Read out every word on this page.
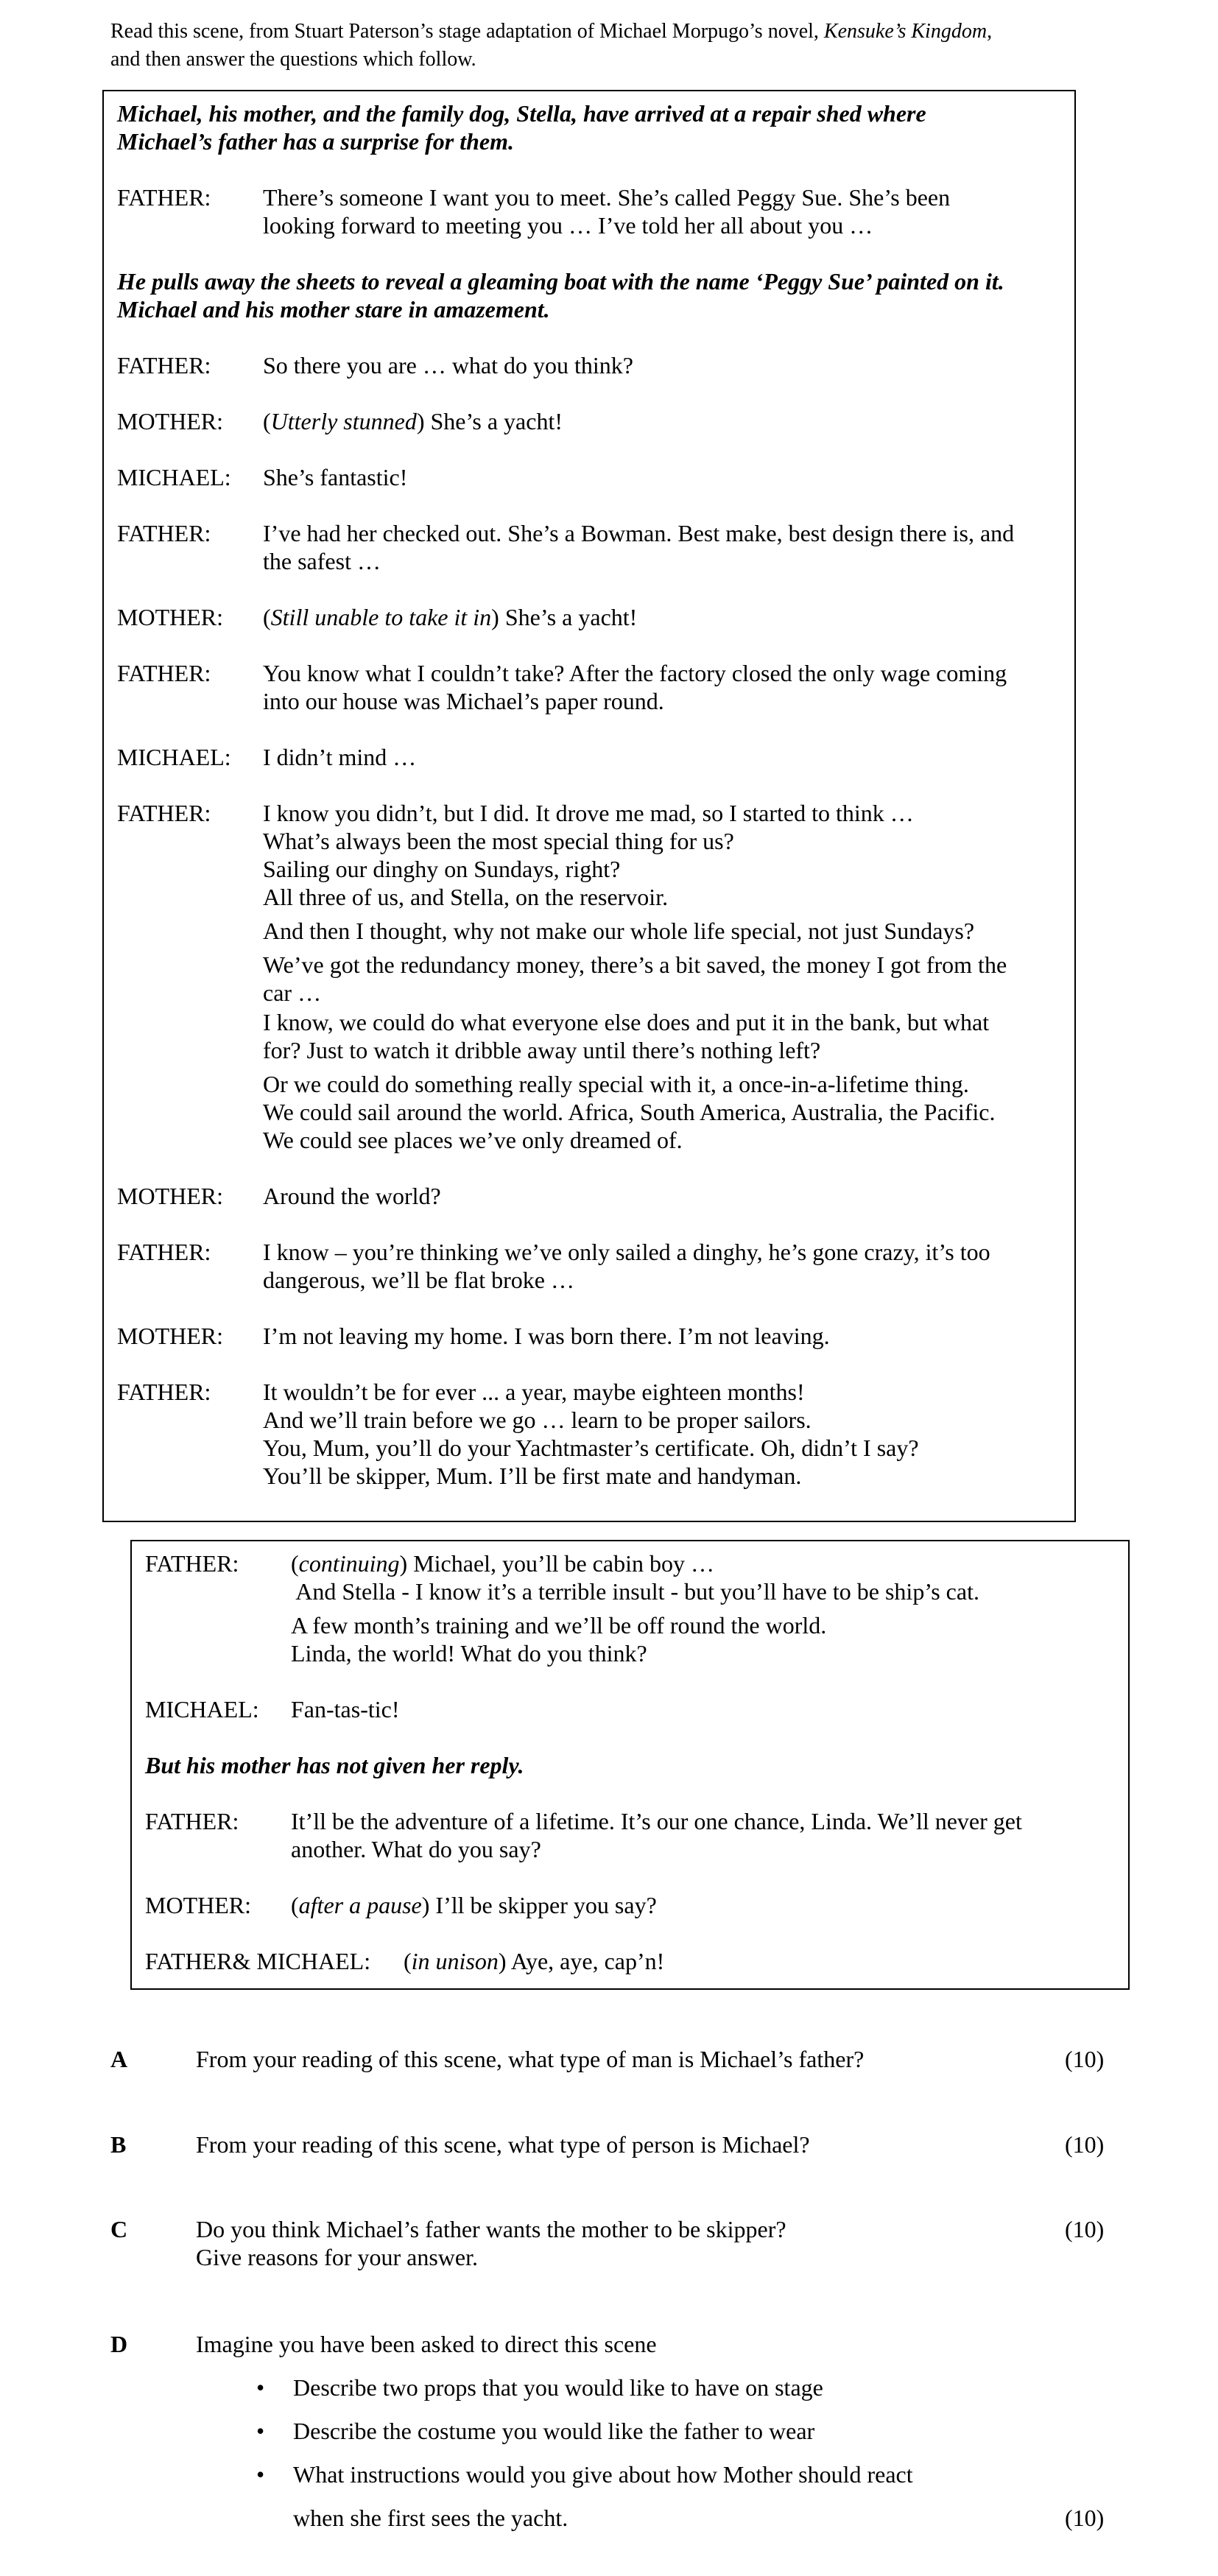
Read this scene, from Stuart Paterson’s stage adaptation of Michael Morpugo’s novel, Kensuke’s Kingdom,
and then answer the questions which follow.
Michael, his mother, and the family dog, Stella, have arrived at a repair shed where
Michael’s father has a surprise for them.
FATHER: There’s someone I want you to meet. She’s called Peggy Sue. She’s been
looking forward to meeting you … I’ve told her all about you …
He pulls away the sheets to reveal a gleaming boat with the name ‘Peggy Sue’ painted on it.
Michael and his mother stare in amazement.
FATHER: So there you are … what do you think?
MOTHER: (Utterly stunned) She’s a yacht!
MICHAEL: She’s fantastic!
FATHER: I’ve had her checked out. She’s a Bowman. Best make, best design there is, and
the safest …
MOTHER: (Still unable to take it in) She’s a yacht!
FATHER: You know what I couldn’t take? After the factory closed the only wage coming
into our house was Michael’s paper round.
MICHAEL: I didn’t mind …
FATHER: I know you didn’t, but I did. It drove me mad, so I started to think …
What’s always been the most special thing for us?
Sailing our dinghy on Sundays, right?
All three of us, and Stella, on the reservoir.
And then I thought, why not make our whole life special, not just Sundays?
We’ve got the redundancy money, there’s a bit saved, the money I got from the
car …
I know, we could do what everyone else does and put it in the bank, but what
for? Just to watch it dribble away until there’s nothing left?
Or we could do something really special with it, a once-in-a-lifetime thing.
We could sail around the world. Africa, South America, Australia, the Pacific.
We could see places we’ve only dreamed of.
MOTHER: Around the world?
FATHER: I know – you’re thinking we’ve only sailed a dinghy, he’s gone crazy, it’s too
dangerous, we’ll be flat broke …
MOTHER: I’m not leaving my home. I was born there. I’m not leaving.
FATHER: It wouldn’t be for ever ... a year, maybe eighteen months!
And we’ll train before we go … learn to be proper sailors.
You, Mum, you’ll do your Yachtmaster’s certificate. Oh, didn’t I say?
You’ll be skipper, Mum. I’ll be first mate and handyman.
FATHER: (continuing) Michael, you’ll be cabin boy …
And Stella - I know it’s a terrible insult - but you’ll have to be ship’s cat.
A few month’s training and we’ll be off round the world.
Linda, the world! What do you think?
MICHAEL: Fan-tas-tic!
But his mother has not given her reply.
FATHER: It’ll be the adventure of a lifetime. It’s our one chance, Linda. We’ll never get
another. What do you say?
MOTHER: (after a pause) I’ll be skipper you say?
FATHER& MICHAEL: (in unison) Aye, aye, cap’n!
A	From your reading of this scene, what type of man is Michael’s father?	(10)
B	From your reading of this scene, what type of person is Michael?	(10)
C	Do you think Michael’s father wants the mother to be skipper?
Give reasons for your answer.
(10)
D	Imagine you have been asked to direct this scene
• Describe two props that you would like to have on stage
• Describe the costume you would like the father to wear
• What instructions would you give about how Mother should react
when she first sees the yacht.	(10)
